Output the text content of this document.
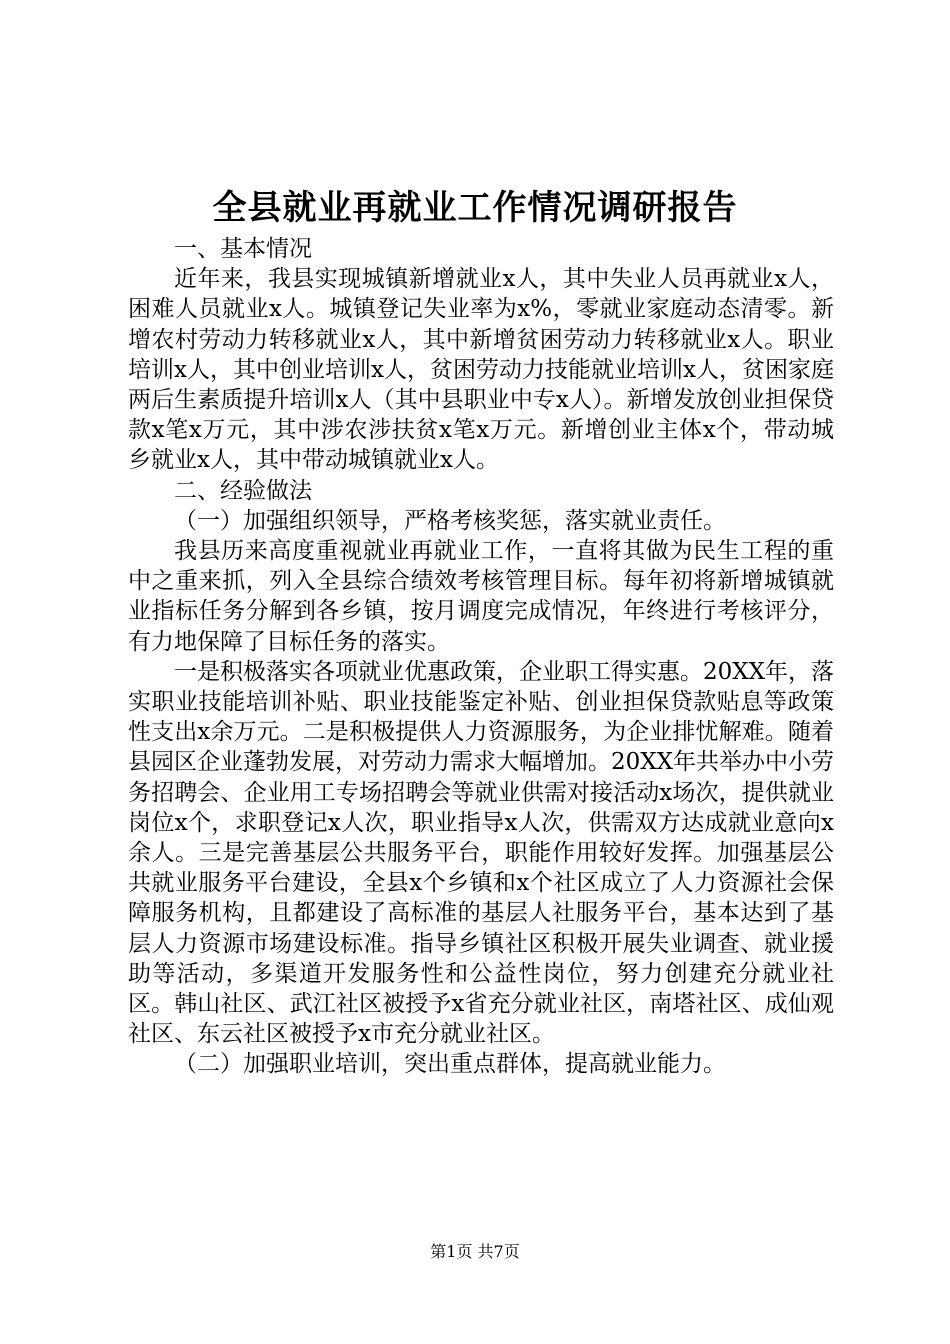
全县就业再就业工作情况调研报告

一、基本情况

近年来，我县实现城镇新增就业x人，其中失业人员再就业x人，困难人员就业x人。城镇登记失业率为x%，零就业家庭动态清零。新增农村劳动力转移就业x人，其中新增贫困劳动力转移就业x人。职业培训x人，其中创业培训x人，贫困劳动力技能就业培训x人，贫困家庭两后生素质提升培训x人（其中县职业中专x人）。新增发放创业担保贷款x笔x万元，其中涉农涉扶贫x笔x万元。新增创业主体x个，带动城乡就业x人，其中带动城镇就业x人。

二、经验做法

（一）加强组织领导，严格考核奖惩，落实就业责任。

我县历来高度重视就业再就业工作，一直将其做为民生工程的重中之重来抓，列入全县综合绩效考核管理目标。每年初将新增城镇就业指标任务分解到各乡镇，按月调度完成情况，年终进行考核评分，有力地保障了目标任务的落实。

一是积极落实各项就业优惠政策，企业职工得实惠。20XX年，落实职业技能培训补贴、职业技能鉴定补贴、创业担保贷款贴息等政策性支出x余万元。二是积极提供人力资源服务，为企业排忧解难。随着县园区企业蓬勃发展，对劳动力需求大幅增加。20XX年共举办中小劳务招聘会、企业用工专场招聘会等就业供需对接活动x场次，提供就业岗位x个，求职登记x人次，职业指导x人次，供需双方达成就业意向x余人。三是完善基层公共服务平台，职能作用较好发挥。加强基层公共就业服务平台建设，全县x个乡镇和x个社区成立了人力资源社会保障服务机构，且都建设了高标准的基层人社服务平台，基本达到了基层人力资源市场建设标准。指导乡镇社区积极开展失业调查、就业援助等活动，多渠道开发服务性和公益性岗位，努力创建充分就业社区。韩山社区、武江社区被授予x省充分就业社区，南塔社区、成仙观社区、东云社区被授予x市充分就业社区。

（二）加强职业培训，突出重点群体，提高就业能力。

第1页 共7页
